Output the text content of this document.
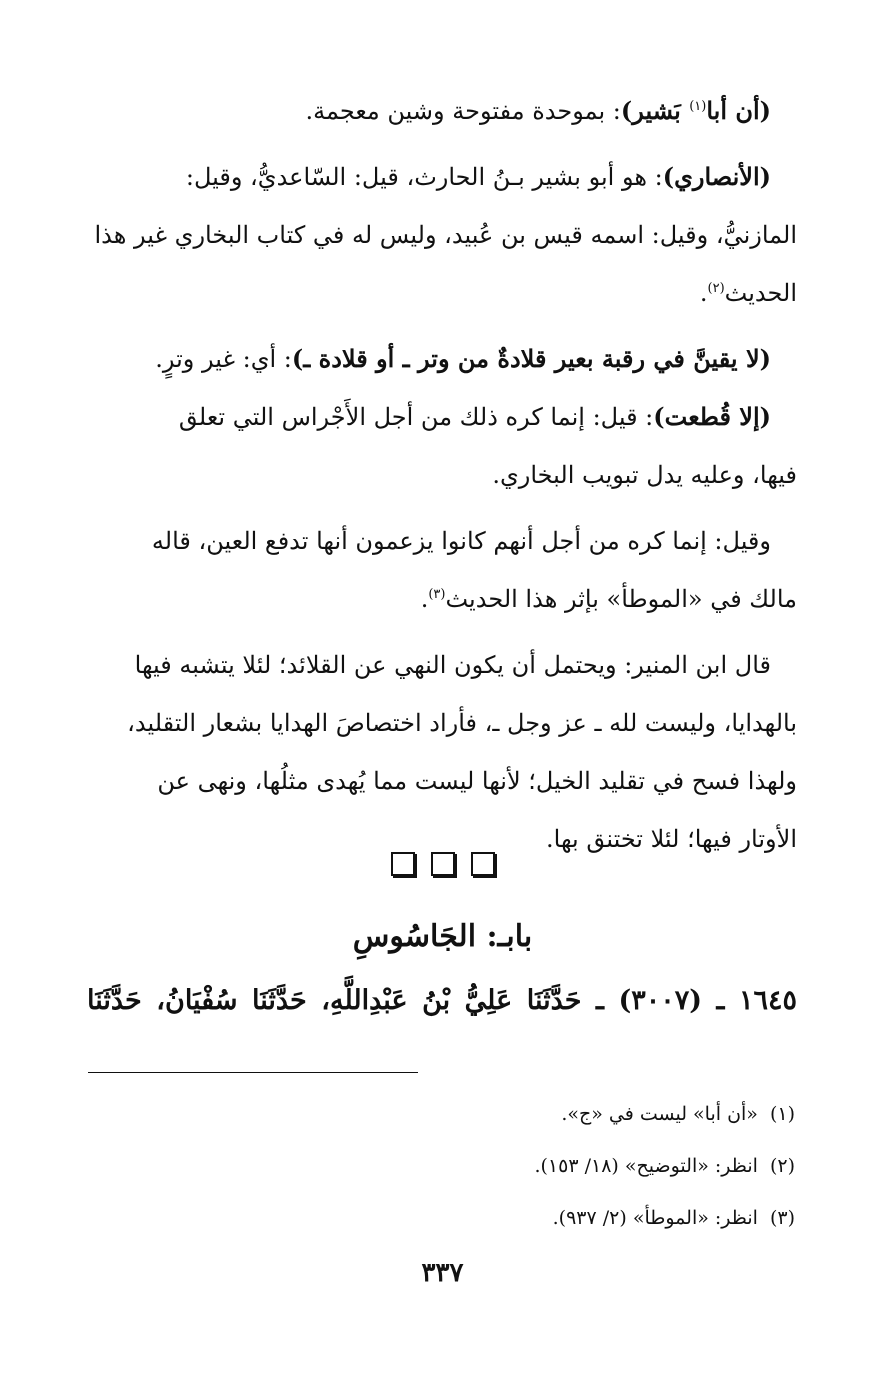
(أن أبا$^{(١)}$ بَشير): بموحدة مفتوحة وشين معجمة.
(الأنصاري): هو أبو بشير بـنُ الحارث، قيل: السّاعديُّ، وقيل:
المازنيُّ، وقيل: اسمه قيس بن عُبيد، وليس له في كتاب البخاري غير هذا
الحديث$^{(٢)}$.
(لا يقينَّ في رقبة بعير قلادةٌ من وتر ـ أو قلادة ـ): أي: غير وترٍ.
(إلا قُطعت): قيل: إنما كره ذلك من أجل الأَجْراس التي تعلق
فيها، وعليه يدل تبويب البخاري.
وقيل: إنما كره من أجل أنهم كانوا يزعمون أنها تدفع العين، قاله
مالك في «الموطأ» بإثر هذا الحديث$^{(٣)}$.
قال ابن المنير: ويحتمل أن يكون النهي عن القلائد؛ لئلا يتشبه فيها
بالهدايا، وليست لله ـ عز وجل ـ، فأراد اختصاصَ الهدايا بشعار التقليد،
ولهذا فسح في تقليد الخيل؛ لأنها ليست مما يُهدى مثلُها، ونهى عن
الأوتار فيها؛ لئلا تختنق بها.
بابـ: الجَاسُوسِ
١٦٤٥ ـ (٣٠٠٧) ـ حَدَّثَنَا عَلِيُّ بْنُ عَبْدِاللَّهِ، حَدَّثَنَا سُفْيَانُ، حَدَّثَنَا
(١)«أن أبا» ليست في «ج».
(٢)انظر: «التوضيح» (١٨/ ١٥٣).
(٣)انظر: «الموطأ» (٢/ ٩٣٧).
٣٣٧
